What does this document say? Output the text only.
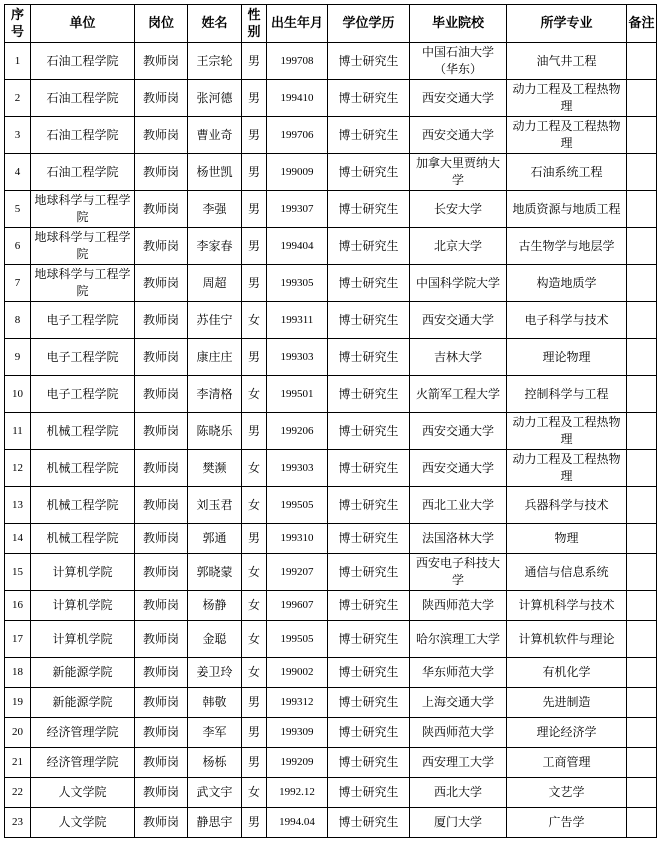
序号	单位	岗位	姓名	性别	出生年月	学位学历	毕业院校	所学专业	备注
1	石油工程学院	教师岗	王宗轮	男	199708	博士研究生	中国石油大学（华东）	油气井工程	
2	石油工程学院	教师岗	张河德	男	199410	博士研究生	西安交通大学	动力工程及工程热物理	
3	石油工程学院	教师岗	曹业奇	男	199706	博士研究生	西安交通大学	动力工程及工程热物理	
4	石油工程学院	教师岗	杨世凯	男	199009	博士研究生	加拿大里贾纳大学	石油系统工程	
5	地球科学与工程学院	教师岗	李强	男	199307	博士研究生	长安大学	地质资源与地质工程	
6	地球科学与工程学院	教师岗	李家春	男	199404	博士研究生	北京大学	古生物学与地层学	
7	地球科学与工程学院	教师岗	周超	男	199305	博士研究生	中国科学院大学	构造地质学	
8	电子工程学院	教师岗	苏佳宁	女	199311	博士研究生	西安交通大学	电子科学与技术	
9	电子工程学院	教师岗	康庄庄	男	199303	博士研究生	吉林大学	理论物理	
10	电子工程学院	教师岗	李清格	女	199501	博士研究生	火箭军工程大学	控制科学与工程	
11	机械工程学院	教师岗	陈晓乐	男	199206	博士研究生	西安交通大学	动力工程及工程热物理	
12	机械工程学院	教师岗	樊濒	女	199303	博士研究生	西安交通大学	动力工程及工程热物理	
13	机械工程学院	教师岗	刘玉君	女	199505	博士研究生	西北工业大学	兵器科学与技术	
14	机械工程学院	教师岗	郭通	男	199310	博士研究生	法国洛林大学	物理	
15	计算机学院	教师岗	郭晓蒙	女	199207	博士研究生	西安电子科技大学	通信与信息系统	
16	计算机学院	教师岗	杨静	女	199607	博士研究生	陕西师范大学	计算机科学与技术	
17	计算机学院	教师岗	金聪	女	199505	博士研究生	哈尔滨理工大学	计算机软件与理论	
18	新能源学院	教师岗	姜卫玲	女	199002	博士研究生	华东师范大学	有机化学	
19	新能源学院	教师岗	韩敬	男	199312	博士研究生	上海交通大学	先进制造	
20	经济管理学院	教师岗	李军	男	199309	博士研究生	陕西师范大学	理论经济学	
21	经济管理学院	教师岗	杨栎	男	199209	博士研究生	西安理工大学	工商管理	
22	人文学院	教师岗	武文宇	女	1992.12	博士研究生	西北大学	文艺学	
23	人文学院	教师岗	静思宇	男	1994.04	博士研究生	厦门大学	广告学	
